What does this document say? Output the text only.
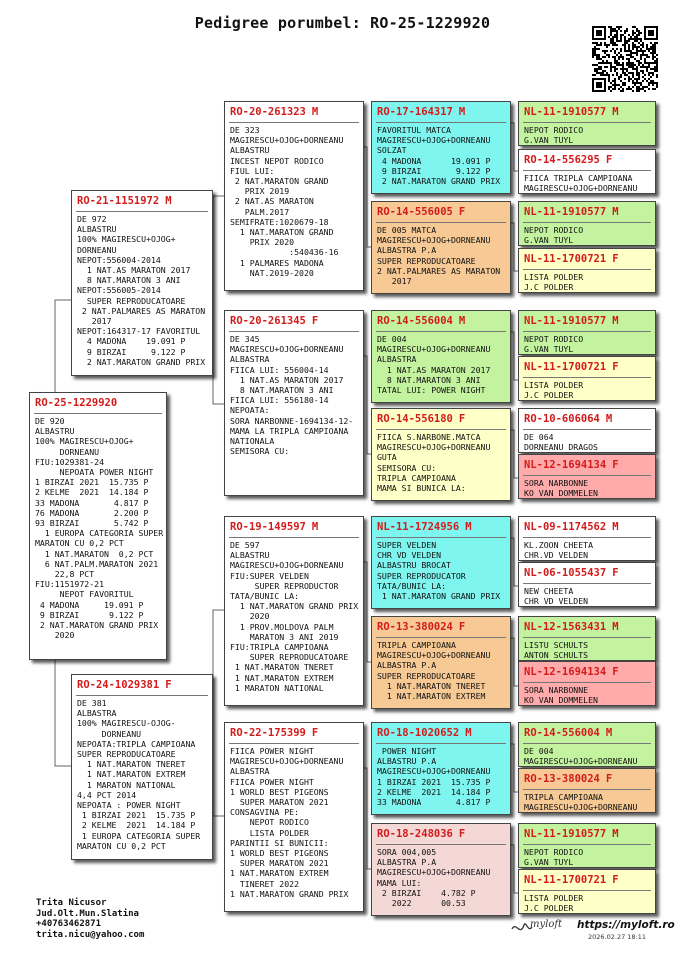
Pedigree porumbel: RO-25-1229920
RO-25-1229920
DE 920
ALBASTRU
100% MAGIRESCU+OJOG+
DORNEANU
FIU:1029381-24
NEPOATA POWER NIGHT
1 BIRZAI 2021  15.735 P
2 KELME  2021  14.184 P
33 MADONA       4.817 P
76 MADONA       2.200 P
93 BIRZAI       5.742 P
1 EUROPA CATEGORIA SUPER
MARATON CU 0,2 PCT
1 NAT.MARATON  0,2 PCT
6 NAT.PALM.MARATON 2021
22,8 PCT
FIU:1151972-21
NEPOT FAVORITUL
4 MADONA     19.091 P
9 BIRZAI      9.122 P
2 NAT.MARATON GRAND PRIX
2020
RO-21-1151972 M
DE 972
ALBASTRU
100% MAGIRESCU+OJOG+
DORNEANU
NEPOT:556004-2014
1 NAT.AS MARATON 2017
8 NAT.MARATON 3 ANI
NEPOT:556005-2014
SUPER REPRODUCATOARE
2 NAT.PALMARES AS MARATON
2017
NEPOT:164317-17 FAVORITUL
4 MADONA    19.091 P
9 BIRZAI     9.122 P
2 NAT.MARATON GRAND PRIX
RO-24-1029381 F
DE 381
ALBASTRA
100% MAGIRESCU-OJOG-
DORNEANU
NEPOATA:TRIPLA CAMPIOANA
SUPER REPRODUCATOARE
1 NAT.MARATON TNERET
1 NAT.MARATON EXTREM
1 MARATON NATIONAL
4,4 PCT 2014
NEPOATA : POWER NIGHT
1 BIRZAI 2021  15.735 P
2 KELME  2021  14.184 P
1 EUROPA CATEGORIA SUPER
MARATON CU 0,2 PCT
RO-20-261323 M
DE 323
MAGIRESCU+OJOG+DORNEANU
ALBASTRU
INCEST NEPOT RODICO
FIUL LUI:
2 NAT.MARATON GRAND
PRIX 2019
2 NAT.AS MARATON
PALM.2017
SEMIFRATE:1020679-18
1 NAT.MARATON GRAND
PRIX 2020
:540436-16
1 PALMARES MADONA
NAT.2019-2020
RO-20-261345 F
DE 345
MAGIRESCU+OJOG+DORNEANU
ALBASTRA
FIICA LUI: 556004-14
1 NAT.AS MARATON 2017
8 NAT.MARATON 3 ANI
FIICA LUI: 556180-14
NEPOATA:
SORA NARBONNE-1694134-12-
MAMA LA TRIPLA CAMPIOANA
NATIONALA
SEMISORA CU:
RO-19-149597 M
DE 597
ALBASTRU
MAGIRESCU+OJOG+DORNEANU
FIU:SUPER VELDEN
SUPER REPRODUCTOR
TATA/BUNIC LA:
1 NAT.MARATON GRAND PRIX
2020
1 PROV.MOLDOVA PALM
MARATON 3 ANI 2019
FIU:TRIPLA CAMPIOANA
SUPER REPRODUCATOARE
1 NAT.MARATON TNERET
1 NAT.MARATON EXTREM
1 MARATON NATIONAL
RO-22-175399 F
FIICA POWER NIGHT
MAGIRESCU+OJOG+DORNEANU
ALBASTRA
FIICA POWER NIGHT
1 WORLD BEST PIGEONS
SUPER MARATON 2021
CONSAGVINA PE:
NEPOT RODICO
LISTA POLDER
PARINTII SI BUNICII:
1 WORLD BEST PIGEONS
SUPER MARATON 2021
1 NAT.MARATON EXTREM
TINERET 2022
1 NAT.MARATON GRAND PRIX
RO-17-164317 M
FAVORITUL MATCA
MAGIRESCU+OJOG+DORNEANU
SOLZAT
4 MADONA      19.091 P
9 BIRZAI       9.122 P
2 NAT.MARATON GRAND PRIX
RO-14-556005 F
DE 005 MATCA
MAGIRESCU+OJOG+DORNEANU
ALBASTRA P.A
SUPER REPRODUCATOARE
2 NAT.PALMARES AS MARATON
2017
RO-14-556004 M
DE 004
MAGIRESCU+OJOG+DORNEANU
ALBASTRA
1 NAT.AS MARATON 2017
8 NAT.MARATON 3 ANI
TATAL LUI: POWER NIGHT
RO-14-556180 F
FIICA S.NARBONE.MATCA
MAGIRESCU+OJOG+DORNEANU
GUTA
SEMISORA CU:
TRIPLA CAMPIOANA
MAMA SI BUNICA LA:
NL-11-1724956 M
SUPER VELDEN
CHR VD VELDEN
ALBASTRU BROCAT
SUPER REPRODUCATOR
TATA/BUNIC LA:
1 NAT.MARATON GRAND PRIX
RO-13-380024 F
TRIPLA CAMPIOANA
MAGIRESCU+OJOG+DORNEANU
ALBASTRA P.A
SUPER REPRODUCATOARE
1 NAT.MARATON TNERET
1 NAT.MARATON EXTREM
RO-18-1020652 M
POWER NIGHT
ALBASTRU P.A
MAGIRESCU+OJOG+DORNEANU
1 BIRZAI 2021  15.735 P
2 KELME  2021  14.184 P
33 MADONA       4.817 P
RO-18-248036 F
SORA 004,005
ALBASTRA P.A
MAGIRESCU+OJOG+DORNEANU
MAMA LUI:
2 BIRZAI    4.782 P
2022      00.53
NL-11-1910577 M
NEPOT RODICO
G.VAN TUYL

RO-14-556295 F
FIICA TRIPLA CAMPIOANA
MAGIRESCU+OJOG+DORNEANU
NL-11-1910577 M
NEPOT RODICO
G.VAN TUYL

NL-11-1700721 F
LISTA POLDER
J.C POLDER

NL-11-1910577 M
NEPOT RODICO
G.VAN TUYL

NL-11-1700721 F
LISTA POLDER
J.C POLDER

RO-10-606064 M
DE 064
DORNEANU DRAGOS

NL-12-1694134 F
SORA NARBONNE
KO VAN DOMMELEN

NL-09-1174562 M
KL.ZOON CHEETA
CHR.VD VELDEN

NL-06-1055437 F
NEW CHEETA
CHR VD VELDEN

NL-12-1563431 M
LISTU SCHULTS
ANTON SCHULTS

NL-12-1694134 F
SORA NARBONNE
KO VAN DOMMELEN

RO-14-556004 M
DE 004
MAGIRESCU+OJOG+DORNEANU

RO-13-380024 F
TRIPLA CAMPIOANA
MAGIRESCU+OJOG+DORNEANU

NL-11-1910577 M
NEPOT RODICO
G.VAN TUYL

NL-11-1700721 F
LISTA POLDER
J.C POLDER

Trita Nicusor
Jud.Olt.Mun.Slatina
+40763462871
trita.nicu@yahoo.com
myloft https://myloft.ro
2026.02.27 18:11
